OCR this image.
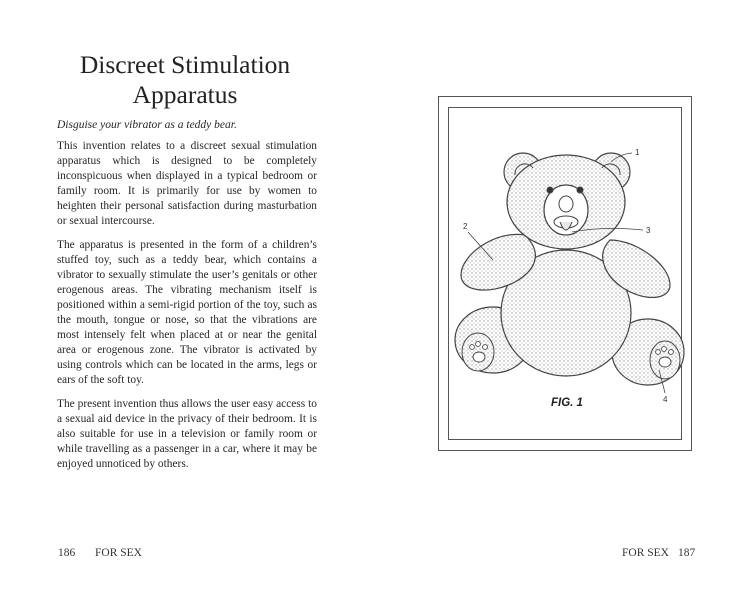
Discreet Stimulation
Apparatus

Disguise your vibrator as a teddy bear.

This invention relates to a discreet sexual stimulation apparatus which is designed to be completely inconspicuous when displayed in a typical bedroom or family room. It is primarily for use by women to heighten their personal satisfaction during masturbation or sexual intercourse.

The apparatus is presented in the form of a children’s stuffed toy, such as a teddy bear, which contains a vibrator to sexually stimulate the user’s genitals or other erogenous areas. The vibrating mechanism itself is positioned within a semi-rigid portion of the toy, such as the mouth, tongue or nose, so that the vibrations are most intensely felt when placed at or near the genital area or erogenous zone. The vibrator is activated by using controls which can be located in the arms, legs or ears of the soft toy.

The present invention thus allows the user easy access to a sexual aid device in the privacy of their bedroom. It is also suitable for use in a television or family room or while travelling as a passenger in a car, where it may be enjoyed unnoticed by others.

186 FOR SEX
1
2	3
4
FIG. 1
FOR SEX 187
